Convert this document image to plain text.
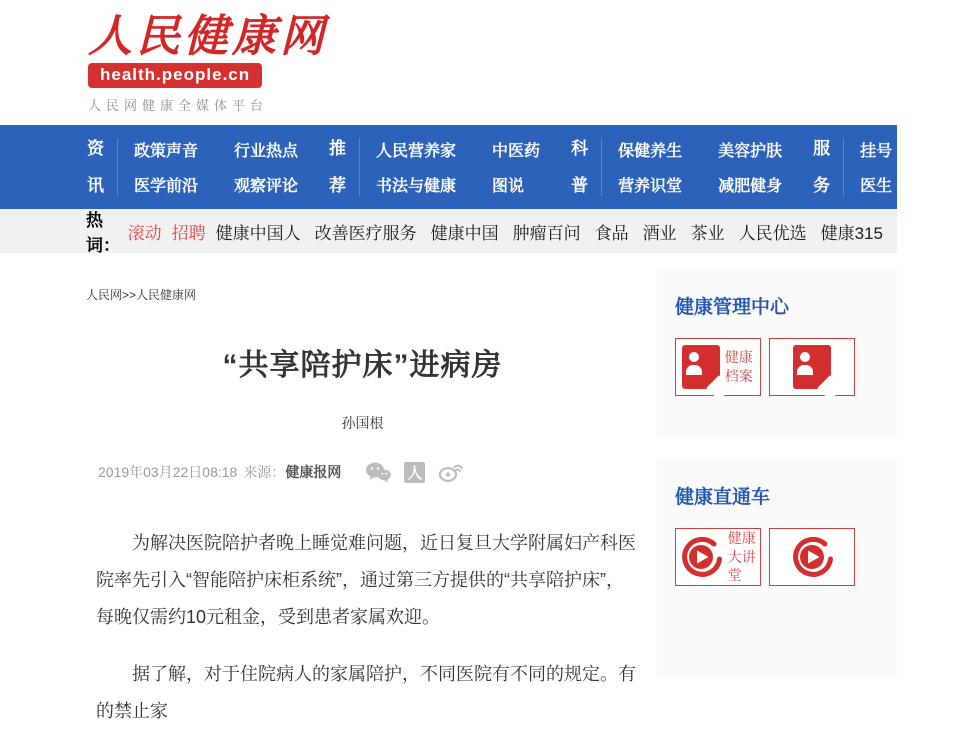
人民健康网
health.people.cn
人民网健康全媒体平台
资讯
政策声音
医学前沿
行业热点
观察评论
推荐
人民营养家
书法与健康
中医药
图说
科普
保健养生
营养识堂
美容护肤
减肥健身
服务
挂号
医生
百科
百问
热词：
滚动 招聘 健康中国人 改善医疗服务 健康中国 肿瘤百问 食品 酒业 茶业 人民优选 健康315
人民网>>人民健康网
“共享陪护床”进病房
孙国根
2019年03月22日08:18 来源： 健康报网	人

为解决医院陪护者晚上睡觉难问题，近日复旦大学附属妇产科医院率先引入“智能陪护床柜系统”，通过第三方提供的“共享陪护床”，每晚仅需约10元租金，受到患者家属欢迎。

据了解，对于住院病人的家属陪护，不同医院有不同的规定。有的禁止家

健康管理中心
健康档案
健康直通车
健康大讲堂
